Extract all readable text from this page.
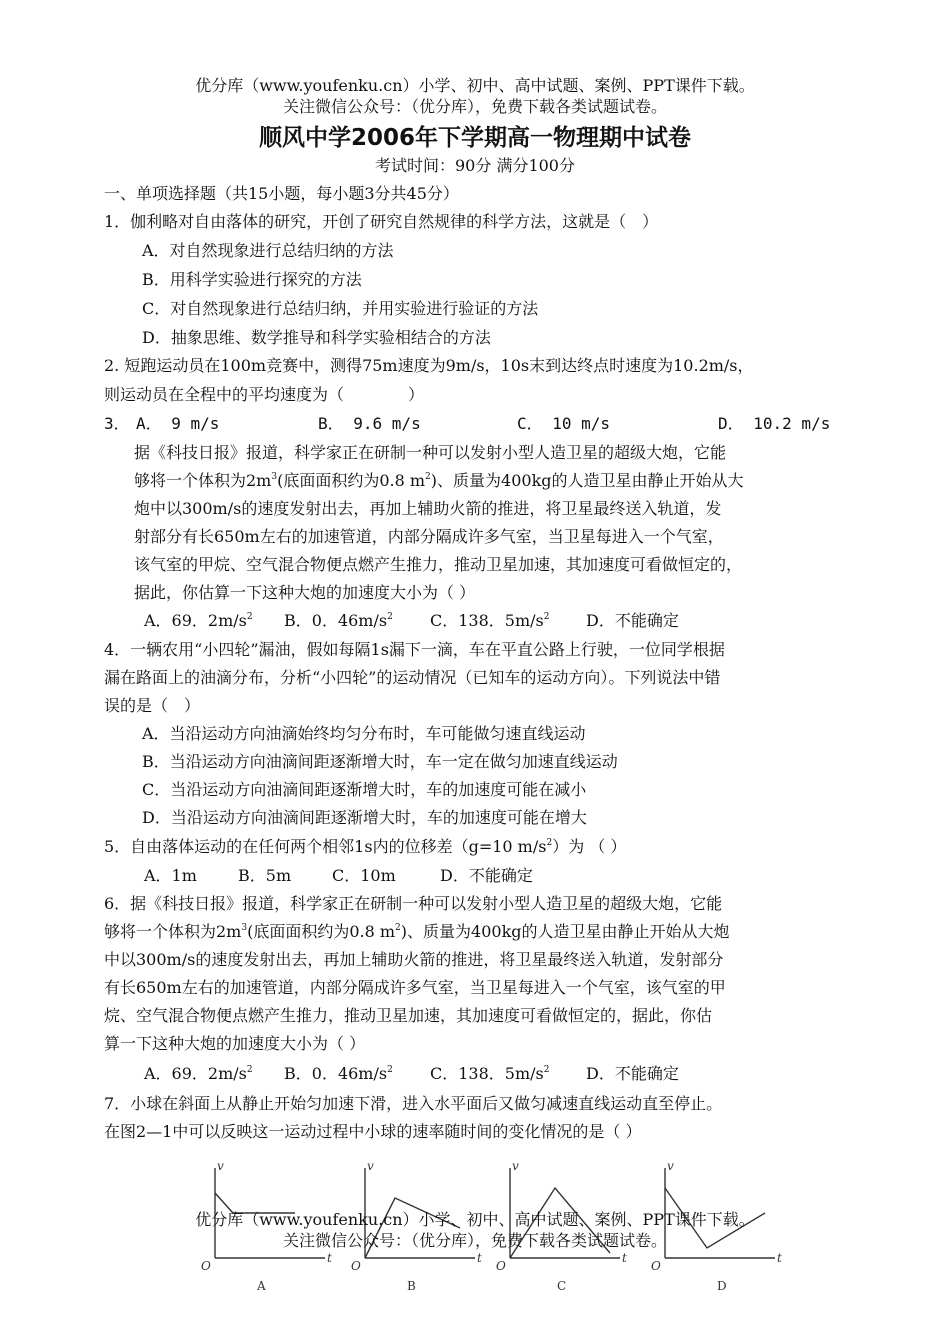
优分库（www.youfenku.cn）小学、初中、高中试题、案例、PPT课件下载。
关注微信公众号：（优分库），免费下载各类试题试卷。
顺风中学2006年下学期高一物理期中试卷
考试时间：90分 满分100分
一、单项选择题（共15小题，每小题3分共45分）
1．伽利略对自由落体的研究，开创了研究自然规律的科学方法，这就是（　）
A．对自然现象进行总结归纳的方法
B．用科学实验进行探究的方法
C．对自然现象进行总结归纳，并用实验进行验证的方法
D．抽象思维、数学推导和科学实验相结合的方法
2. 短跑运动员在100m竞赛中，测得75m速度为9m/s，10s末到达终点时速度为10.2m/s，
则运动员在全程中的平均速度为（　　　　）
3． A． 9 m/s	B． 9.6 m/s	C． 10 m/s	D． 10.2 m/s
据《科技日报》报道，科学家正在研制一种可以发射小型人造卫星的超级大炮，它能
够将一个体积为$2m^3$(底面面积约为0.8 $m^2$)、质量为400kg的人造卫星由静止开始从大
炮中以300m/s的速度发射出去，再加上辅助火箭的推进，将卫星最终送入轨道，发
射部分有长650m左右的加速管道，内部分隔成许多气室，当卫星每进入一个气室，
该气室的甲烷、空气混合物便点燃产生推力，推动卫星加速，其加速度可看做恒定的，
据此，你估算一下这种大炮的加速度大小为（ ）
A．69．$2m/s^2$ B．0．$46m/s^2$ C．138．$5m/s^2$ D．不能确定
4．一辆农用“小四轮”漏油，假如每隔1s漏下一滴，车在平直公路上行驶，一位同学根据
漏在路面上的油滴分布，分析“小四轮”的运动情况（已知车的运动方向）。下列说法中错
误的是（　）
A．当沿运动方向油滴始终均匀分布时，车可能做匀速直线运动
B．当沿运动方向油滴间距逐渐增大时，车一定在做匀加速直线运动
C．当沿运动方向油滴间距逐渐增大时，车的加速度可能在减小
D．当沿运动方向油滴间距逐渐增大时，车的加速度可能在增大
5．自由落体运动的在任何两个相邻1s内的位移差（g=10 $m/s^2$）为 （ ）
A．1m	B．5m	C．10m	D．不能确定
6．据《科技日报》报道，科学家正在研制一种可以发射小型人造卫星的超级大炮，它能
够将一个体积为$2m^3$(底面面积约为0.8 $m^2$)、质量为400kg的人造卫星由静止开始从大炮
中以300m/s的速度发射出去，再加上辅助火箭的推进，将卫星最终送入轨道，发射部分
有长650m左右的加速管道，内部分隔成许多气室，当卫星每进入一个气室，该气室的甲
烷、空气混合物便点燃产生推力，推动卫星加速，其加速度可看做恒定的，据此，你估
算一下这种大炮的加速度大小为（ ）
A．69．$2m/s^2$ B．0．$46m/s^2$ C．138．$5m/s^2$ D．不能确定
7．小球在斜面上从静止开始匀加速下滑，进入水平面后又做匀减速直线运动直至停止。
在图2—1中可以反映这一运动过程中小球的速率随时间的变化情况的是（ ）
v	v	v	v
t	t	t	t
O	O	O	O
A	B	C	D
优分库（www.youfenku.cn）小学、初中、高中试题、案例、PPT课件下载。
关注微信公众号：（优分库），免费下载各类试题试卷。
